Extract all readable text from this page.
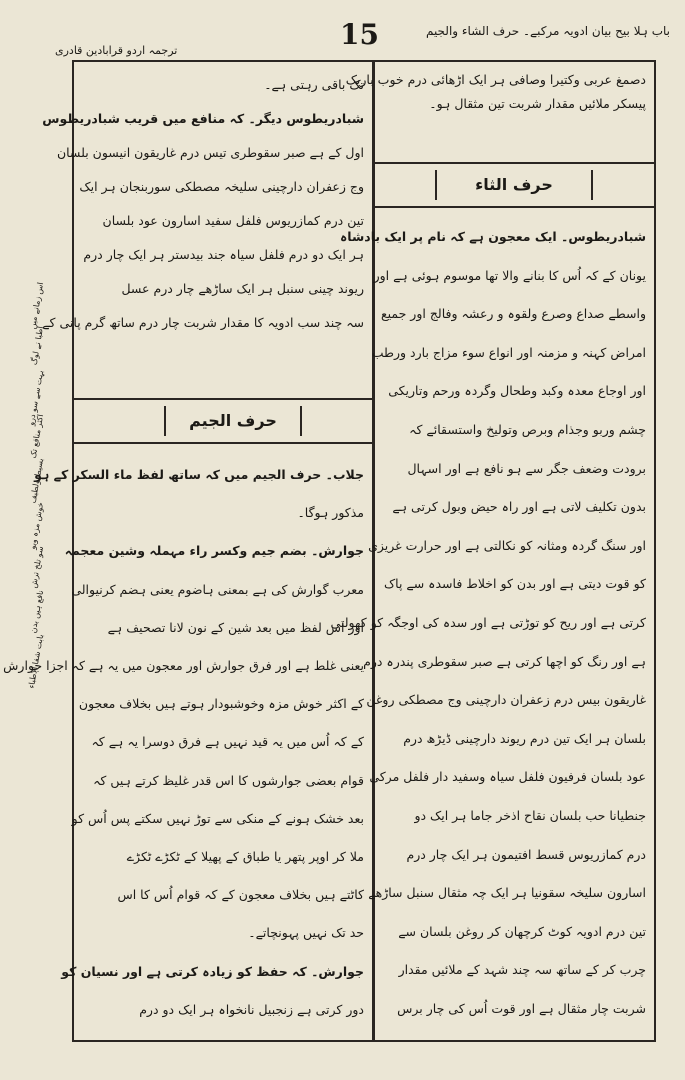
باب ہلا بیح بیان ادویہ مرکبے۔ حرف الشاء والجیم
15
ترجمہ اردو قرابادین قادری
اس زمانے میں
اطبا نے لوگ
بہت سے سو درو
اکثر منافع تک
بسیط ولطیف
خوش مزہ وبو
سو تلخ ترش
نافع ہیں بدن
بابت شفا الاطباء

دصمغ عربی وکتیرا وصافی ہر ایک اڑھائی درم خوب باریک

پیسکر ملائیں مقدار شربت تین مثقال ہو۔

حرف الثاء

شبادریطوس۔ ایک معجون ہے کہ نام پر ایک بادشاہ

یونان کے کہ اُس کا بنانے والا تھا موسوم ہوئی ہے اور

واسطے صداع وصرع ولقوہ و رعشہ وفالج اور جمیع

امراض کہنہ و مزمنہ اور انواع سوء مزاج بارد ورطب

اور اوجاع معدہ وکبد وطحال وگردہ ورحم وتاریکی

چشم وربو وجذام وبرص وتولیخ واستسقائے کہ

برودت وضعف جگر سے ہو نافع ہے اور اسہال

بدون تکلیف لاتی ہے اور راہ حیض وبول کرتی ہے

اور سنگ گردہ ومثانہ کو نکالتی ہے اور حرارت غریزی

کو قوت دیتی ہے اور بدن کو اخلاط فاسدہ سے پاک

کرتی ہے اور ریح کو توڑتی ہے اور سدہ کی اوجگہ کو کھولتی

ہے اور رنگ کو اچھا کرتی ہے صبر سقوطری پندرہ درم

غاریقون بیس درم زعفران دارچینی وج مصطکی روغن

بلسان ہر ایک تین درم ریوند دارچینی ڈیڑھ درم

عود بلسان فرفیون فلفل سیاہ وسفید دار فلفل مرکی

جنطیانا حب بلسان نقاح اذخر جاما ہر ایک دو

درم کمازریوس قسط افتیمون ہر ایک چار درم

اسارون سلیخہ سقونیا ہر ایک چہ مثقال سنبل ساڑھے

تین درم ادویہ کوٹ کرچھان کر روغن بلسان سے

چرب کر کے ساتھ سہ چند شہد کے ملائیں مقدار

شربت چار مثقال ہے اور قوت اُس کی چار برس

تک باقی رہتی ہے۔

شبادریطوس دیگر۔ کہ منافع میں قریب شبادریطوس

اول کے ہے صبر سقوطری تیس درم غاریقون انیسون بلسان

وج زعفران دارچینی سلیخہ مصطکی سوربنجان ہر ایک

تین درم کمازریوس فلفل سفید اسارون عود بلسان

ہر ایک دو درم فلفل سیاہ جند بیدستر ہر ایک چار درم

ریوند چینی سنبل ہر ایک ساڑھے چار درم عسل

سہ چند سب ادویہ کا مقدار شربت چار درم ساتھ گرم پانی کے

حرف الجیم

جلاب۔ حرف الجیم میں کہ ساتھ لفظ ماء السکر کے ہو

مذکور ہوگا۔

جوارش۔ بضم جیم وکسر راء مہملہ وشین معجمہ

معرب گوارش کی ہے بمعنی ہاضوم یعنی ہضم کرنیوالی

اور اس لفظ میں بعد شین کے نون لانا تصحیف ہے

یعنی غلط ہے اور فرق جوارش اور معجون میں یہ ہے کہ اجزا جوارش

کے اکثر خوش مزہ وخوشبودار ہوتے ہیں بخلاف معجون

کے کہ اُس میں یہ قید نہیں ہے فرق دوسرا یہ ہے کہ

قوام بعضی جوارشوں کا اس قدر غلیظ کرتے ہیں کہ

بعد خشک ہونے کے منکی سے توڑ نہیں سکتے پس اُس کو

ملا کر اوپر پتھر یا طباق کے پھیلا کے ٹکڑے ٹکڑے

کاٹتے ہیں بخلاف معجون کے کہ قوام اُس کا اس

حد تک نہیں پہونچاتے۔

جوارش۔ کہ حفظ کو زیادہ کرتی ہے اور نسیان کو

دور کرتی ہے زنجبیل نانخواہ ہر ایک دو درم
